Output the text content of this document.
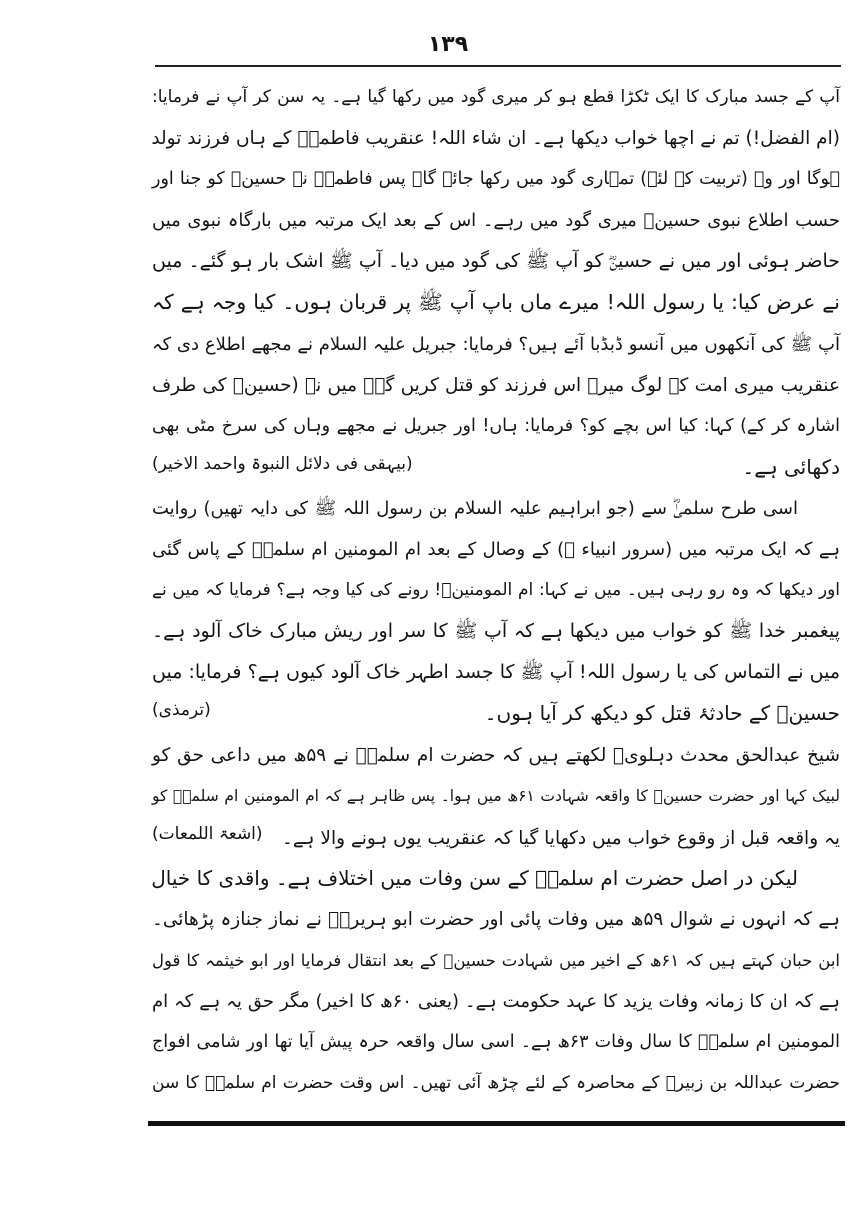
۱۳۹
آپ کے جسد مبارک کا ایک ٹکڑا قطع ہو کر میری گود میں رکھا گیا ہے۔ یہ سن کر آپ نے فرمایا:
(ام الفضل!) تم نے اچھا خواب دیکھا ہے۔ ان شاء اللہ! عنقریب فاطمہؓ کے ہاں فرزند تولد
ہوگا اور وہ (تربیت کے لئے) تمہاری گود میں رکھا جائے گا۔ پس فاطمہؓ نے حسینؓ کو جنا اور
حسب اطلاع نبوی حسینؓ میری گود میں رہے۔ اس کے بعد ایک مرتبہ میں بارگاہ نبوی میں
حاضر ہوئی اور میں نے حسینؓ کو آپ ﷺ کی گود میں دیا۔ آپ ﷺ اشک بار ہو گئے۔ میں
نے عرض کیا: یا رسول اللہ! میرے ماں باپ آپ ﷺ پر قربان ہوں۔ کیا وجہ ہے کہ
آپ ﷺ کی آنکھوں میں آنسو ڈبڈبا آئے ہیں؟ فرمایا: جبریل علیہ السلام نے مجھے اطلاع دی کہ
عنقریب میری امت کے لوگ میرے اس فرزند کو قتل کریں گے۔ میں نے (حسینؓ کی طرف
اشارہ کر کے) کہا: کیا اس بچے کو؟ فرمایا: ہاں! اور جبریل نے مجھے وہاں کی سرخ مٹی بھی
دکھائی ہے۔
(بیہقی فی دلائل النبوۃ واحمد الاخیر)
اسی طرح سلمیٰؓ سے (جو ابراہیم علیہ السلام بن رسول اللہ ﷺ کی دایہ تھیں) روایت
ہے کہ ایک مرتبہ میں (سرور انبیاء ﷺ) کے وصال کے بعد ام المومنین ام سلمہؓ کے پاس گئی
اور دیکھا کہ وہ رو رہی ہیں۔ میں نے کہا: ام المومنینؓ! رونے کی کیا وجہ ہے؟ فرمایا کہ میں نے
پیغمبر خدا ﷺ کو خواب میں دیکھا ہے کہ آپ ﷺ کا سر اور ریش مبارک خاک آلود ہے۔
میں نے التماس کی یا رسول اللہ! آپ ﷺ کا جسد اطہر خاک آلود کیوں ہے؟ فرمایا: میں
حسینؓ کے حادثۂ قتل کو دیکھ کر آیا ہوں۔
(ترمذی)
شیخ عبدالحق محدث دہلویؒ لکھتے ہیں کہ حضرت ام سلمہؓ نے ۵۹ھ میں داعی حق کو
لبیک کہا اور حضرت حسینؓ کا واقعہ شہادت ۶۱ھ میں ہوا۔ پس ظاہر ہے کہ ام المومنین ام سلمہؓ کو
یہ واقعہ قبل از وقوع خواب میں دکھایا گیا کہ عنقریب یوں ہونے والا ہے۔
(اشعۃ اللمعات)
لیکن در اصل حضرت ام سلمہؓ کے سن وفات میں اختلاف ہے۔ واقدی کا خیال
ہے کہ انہوں نے شوال ۵۹ھ میں وفات پائی اور حضرت ابو ہریرہؓ نے نماز جنازہ پڑھائی۔
ابن حبان کہتے ہیں کہ ۶۱ھ کے اخیر میں شہادت حسینؓ کے بعد انتقال فرمایا اور ابو خیثمہ کا قول
ہے کہ ان کا زمانہ وفات یزید کا عہد حکومت ہے۔ (یعنی ۶۰ھ کا اخیر) مگر حق یہ ہے کہ ام
المومنین ام سلمہؓ کا سال وفات ۶۳ھ ہے۔ اسی سال واقعہ حرہ پیش آیا تھا اور شامی افواج
حضرت عبداللہ بن زبیرؓ کے محاصرہ کے لئے چڑھ آئی تھیں۔ اس وقت حضرت ام سلمہؓ کا سن
